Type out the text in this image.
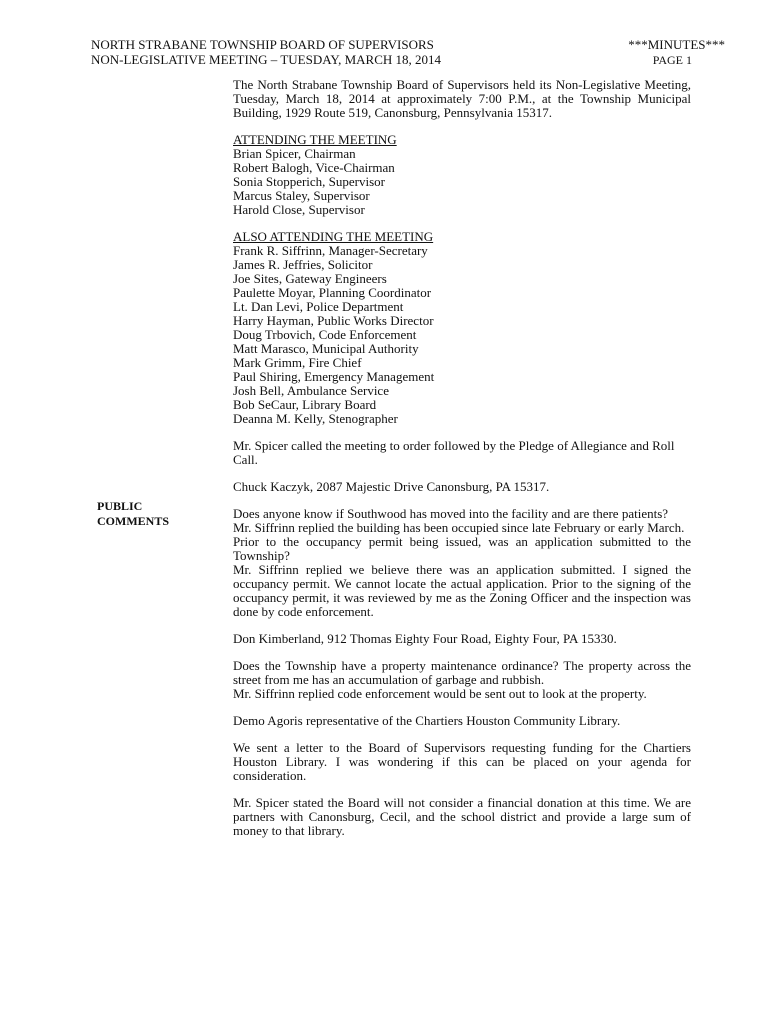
NORTH STRABANE TOWNSHIP BOARD OF SUPERVISORS
NON-LEGISLATIVE MEETING – TUESDAY, MARCH 18, 2014
***MINUTES***
PAGE 1
PUBLIC
COMMENTS

The North Strabane Township Board of Supervisors held its Non-Legislative Meeting, Tuesday, March 18, 2014 at approximately 7:00 P.M., at the Township Municipal Building, 1929 Route 519, Canonsburg, Pennsylvania 15317.

ATTENDING THE MEETING
Brian Spicer, Chairman
Robert Balogh, Vice-Chairman
Sonia Stopperich, Supervisor
Marcus Staley, Supervisor
Harold Close, Supervisor
ALSO ATTENDING THE MEETING
Frank R. Siffrinn, Manager-Secretary
James R. Jeffries, Solicitor
Joe Sites, Gateway Engineers
Paulette Moyar, Planning Coordinator
Lt. Dan Levi, Police Department
Harry Hayman, Public Works Director
Doug Trbovich, Code Enforcement
Matt Marasco, Municipal Authority
Mark Grimm, Fire Chief
Paul Shiring, Emergency Management
Josh Bell, Ambulance Service
Bob SeCaur, Library Board
Deanna M. Kelly, Stenographer

Mr. Spicer called the meeting to order followed by the Pledge of Allegiance and Roll Call.

Chuck Kaczyk, 2087 Majestic Drive Canonsburg, PA 15317.

Does anyone know if Southwood has moved into the facility and are there patients?
Mr. Siffrinn replied the building has been occupied since late February or early March.
Prior to the occupancy permit being issued, was an application submitted to the Township?
Mr. Siffrinn replied we believe there was an application submitted. I signed the occupancy permit. We cannot locate the actual application. Prior to the signing of the occupancy permit, it was reviewed by me as the Zoning Officer and the inspection was done by code enforcement.

Don Kimberland, 912 Thomas Eighty Four Road, Eighty Four, PA 15330.

Does the Township have a property maintenance ordinance? The property across the street from me has an accumulation of garbage and rubbish.
Mr. Siffrinn replied code enforcement would be sent out to look at the property.

Demo Agoris representative of the Chartiers Houston Community Library.

We sent a letter to the Board of Supervisors requesting funding for the Chartiers Houston Library. I was wondering if this can be placed on your agenda for consideration.

Mr. Spicer stated the Board will not consider a financial donation at this time. We are partners with Canonsburg, Cecil, and the school district and provide a large sum of money to that library.
